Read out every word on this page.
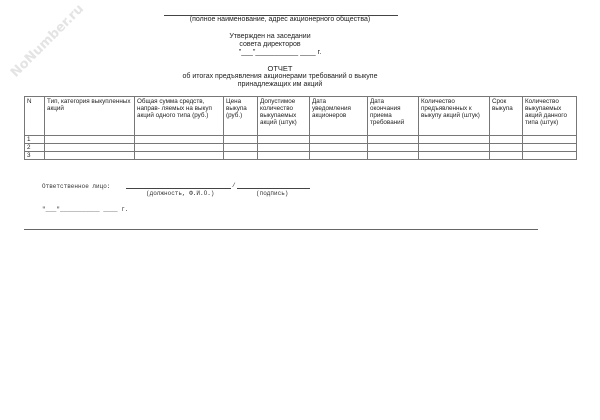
NoNumber.ru	(полное наименование, адрес акционерного общества)
Утвержден на заседании
совета директоров
"___"___________ ____ г.
ОТЧЕТ
об итогах предъявления акционерами требований о выкупе
принадлежащих им акций
N	Тип, категория выкупленных акций	Общая сумма средств, направ- ляемых на выкуп акций одного типа (руб.)	Цена выкупа (руб.)	Допустимое количество выкупаемых акций (штук)	Дата уведомления акционеров	Дата окончания приема требований	Количество предъявленных к выкупу акций (штук)	Срок выкупа	Количество выкупаемых акций данного типа (штук)
1									
2									
3									
Ответственное лицо:	/
(должность, Ф.И.О.)	(подпись)
"___"___________ ____ г.
